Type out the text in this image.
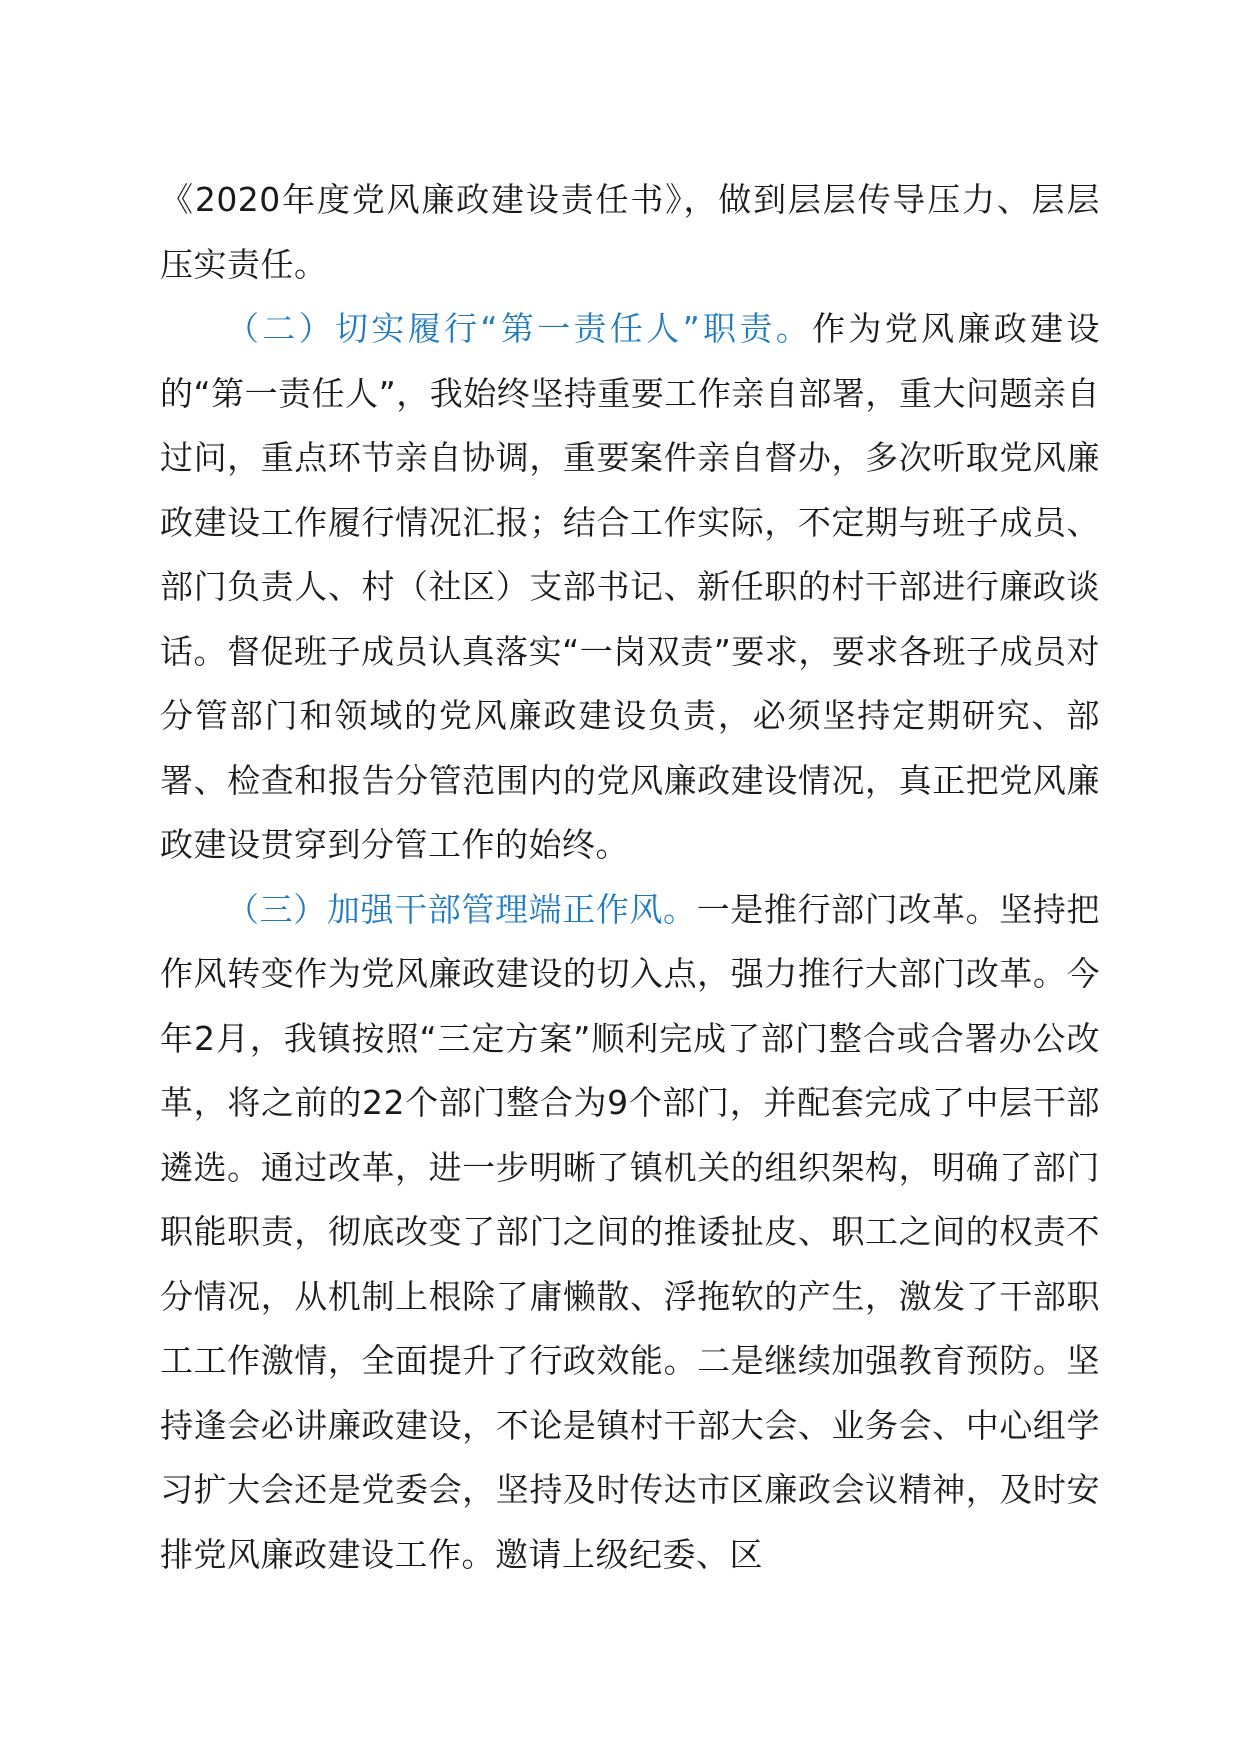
《2020年度党风廉政建设责任书》，做到层层传导压力、层层压实责任。

（二）切实履行“第一责任人”职责。作为党风廉政建设的“第一责任人”，我始终坚持重要工作亲自部署，重大问题亲自过问，重点环节亲自协调，重要案件亲自督办，多次听取党风廉政建设工作履行情况汇报；结合工作实际，不定期与班子成员、部门负责人、村（社区）支部书记、新任职的村干部进行廉政谈话。督促班子成员认真落实“一岗双责”要求，要求各班子成员对分管部门和领域的党风廉政建设负责，必须坚持定期研究、部署、检查和报告分管范围内的党风廉政建设情况，真正把党风廉政建设贯穿到分管工作的始终。

（三）加强干部管理端正作风。一是推行部门改革。坚持把作风转变作为党风廉政建设的切入点，强力推行大部门改革。今年2月，我镇按照“三定方案”顺利完成了部门整合或合署办公改革，将之前的22个部门整合为9个部门，并配套完成了中层干部遴选。通过改革，进一步明晰了镇机关的组织架构，明确了部门职能职责，彻底改变了部门之间的推诿扯皮、职工之间的权责不分情况，从机制上根除了庸懒散、浮拖软的产生，激发了干部职工工作激情，全面提升了行政效能。二是继续加强教育预防。坚持逢会必讲廉政建设，不论是镇村干部大会、业务会、中心组学习扩大会还是党委会，坚持及时传达市区廉政会议精神，及时安排党风廉政建设工作。邀请上级纪委、区
